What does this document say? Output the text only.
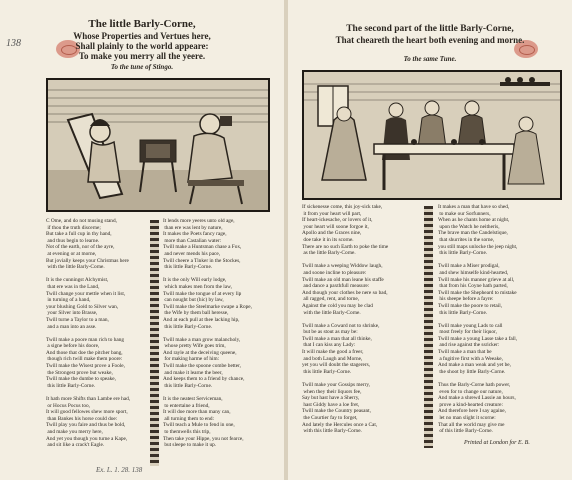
138
The little Barly-Corne,
Whose Properties and Vertues here,
Shall plainly to the world appeare:
To make you merry all the yeere.
To the tune of Stingo.
C Ome, and do not musing stand,
if thou the truth discerne;
But take a full cup in thy hand,
and thus begin to learne.
Not of the earth, nor of the ayre,
at evening or at morne,
But jovially keeps your Christmas here
with the little Barly-Corne.

It is the cunningst Alchymist,
that ere was in the Land,
Twill change your mettle when it list,
in turning of a hand,
your blushing Gold to Silver wan,
your Silver into Brasse,
Twill turne a Taylor to a man,
and a man into an asse.

Twill make a poore man rich to hang
a signe before his doore,
And those that doe the pitcher bang,
though rich twill make them poore:
Twill make the Wisest prove a Foole,
the Strongest prove but weake,
Twill make the dumbe to speake,
this little Barly-Corne.

It hath more Shifts than Lambe ere had,
or Hocus Pocus too,
It will good fellowes shew more sport,
than Bankes his horse could doe:
Twill play you faire and thus be bold,
and make you merry here,
And yet you though you turne a Kape,
and sit like a crack't Eagle.
It lends more yeeres unto old age,
than ere was lent by nature,
It makes the Poets fancy rage,
more than Castalian water:
Twill make a Huntsman chase a Fox,
and never mends his pace,
Twill cheere a Tinker in the Stockes,
this little Barly-Corne.

It is the only Will early lodge,
which makes men from the law,
Twill make the tongue of at every lip
can nought but (hic) by law,
Twill make the Steelmarke swape a Rope,
the Wife by them ball heresse,
And at each pull at thee lacking hip,
this little Barly-Corne.

Twill make a man grow malancholy,
whose pretty Wife goes trim,
And rayle at the deceiving queene,
for making harme of him:
Twill make the spoone combe better,
and make it learne the beer,
And keeps them to a friend by chance,
this little Barly-Corne.

It is the neatest Serviceman,
to entertaine a friend,
It will doe more than many can,
all turning them to end:
Twill teach a Mule to fend in one,
to themwells this trip,
Then take your Hippe, you not fearce,
but sleepe to make it up.
Ex. L. 1. 28. 138
The second part of the little Barly-Corne,
That cheareth the heart both evening and morne.
To the same Tune.
If sickenesse come, this joy-sick take,
it from your heart will part,
If heart-ickesache, or lovers of it,
your heart will soone forgoe it,
Apollo and the Graces nine,
doe take it in its scorne.
There are no such Earth to poke the time
as the little Barly-Corne.

Twill make a weeping Widdow laugh,
and soone incline to pleasure:
Twill make an old man leane his staffe
and dance a paxthfull measure:
And though your clothes be nere so bad,
all ragged, rent, and torne,
Against the cold you may be clad
with the little Barly-Corne.

Twill make a Coward not to shrinke,
but be as stout as may be:
Twill make a man that all thinke,
that I can kiss any Lady:
It will make the good a freer,
and both Laugh and Morne,
yet you will doubt the stagerers,
this little Barly-Corne.

Twill make your Gossips merry,
when they their liquors fee,
Say but hast have a Sherry,
hast Giddy have a loe fret,
Twill make the Country peasant,
the Courtier fay to forget,
And lately the Hercules once a Cat,
with this little Barly-Corne.
It makes a man that have so shed,
to make our Sorfunners,
When as he chants home at night,
upon the Watch he neitheris,
The brave man the Candelstique,
that shurrites in the sorne,
you still maps unlocke the jeep night,
this little Barly-Corne.

Twill make a Miser prodigal,
and shew himselfe kind-hearted,
Twill make his manner grieve at all,
that from his Coyne hath parted,
Twill make the Shepheard to mistake
his sheepe before a fayre:
Twill make the poore to retail,
this little Barly-Corne.

Twill make young Lads to call
most freely for their liquor,
Twill make a young Lasse take a fall,
and rise against the ssricker:
Twill make a man that be
a fugitive first with a Weeake,
And make a man weak and yet be,
the shoot by little Barly-Corne.

Thus the Barly-Corne hath power,
even for to change our nature,
And make a shrewd Lassie an hours,
prove a kind-hearted creature:
And therefore here I say againe,
let no man slight it scorne:
That all the world may give me
of this little Barly-Corne.
Printed at London for E. B.
